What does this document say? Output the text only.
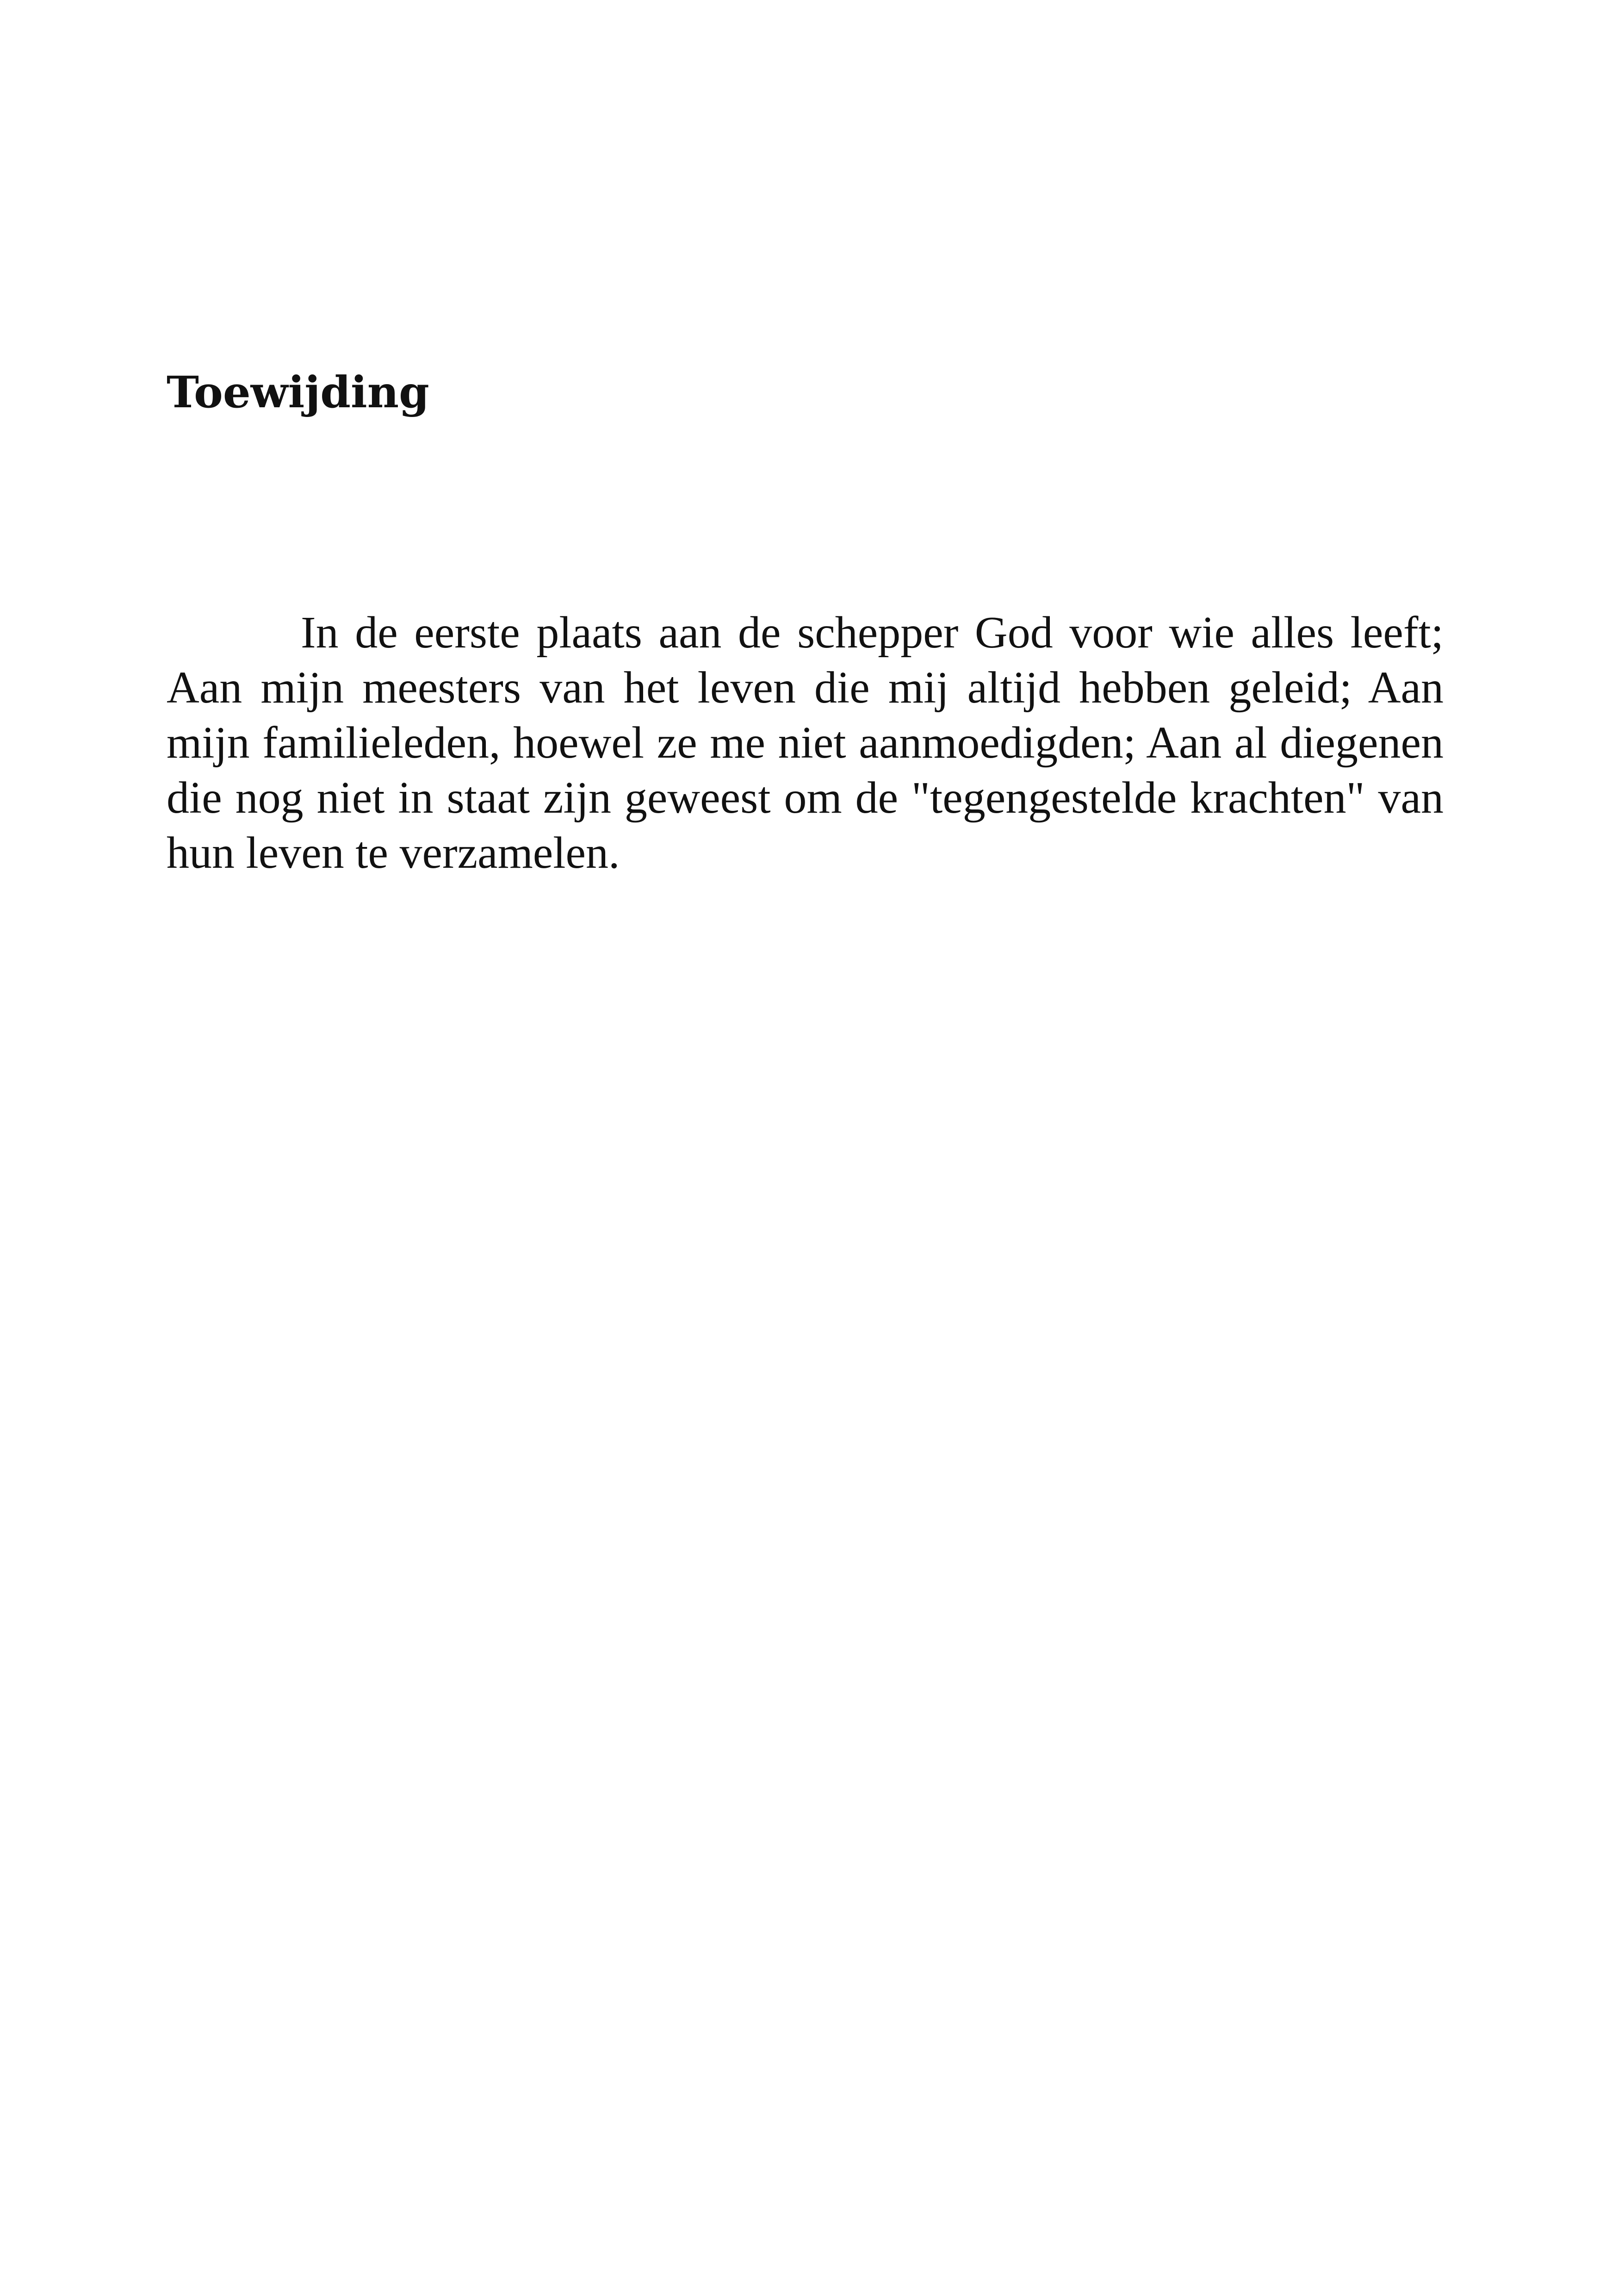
Toewijding
In de eerste plaats aan de schepper God voor wie alles leeft;
Aan mijn meesters van het leven die mij altijd hebben geleid; Aan
mijn familieleden, hoewel ze me niet aanmoedigden; Aan al diegenen
die nog niet in staat zijn geweest om de "tegengestelde krachten" van
hun leven te verzamelen.
